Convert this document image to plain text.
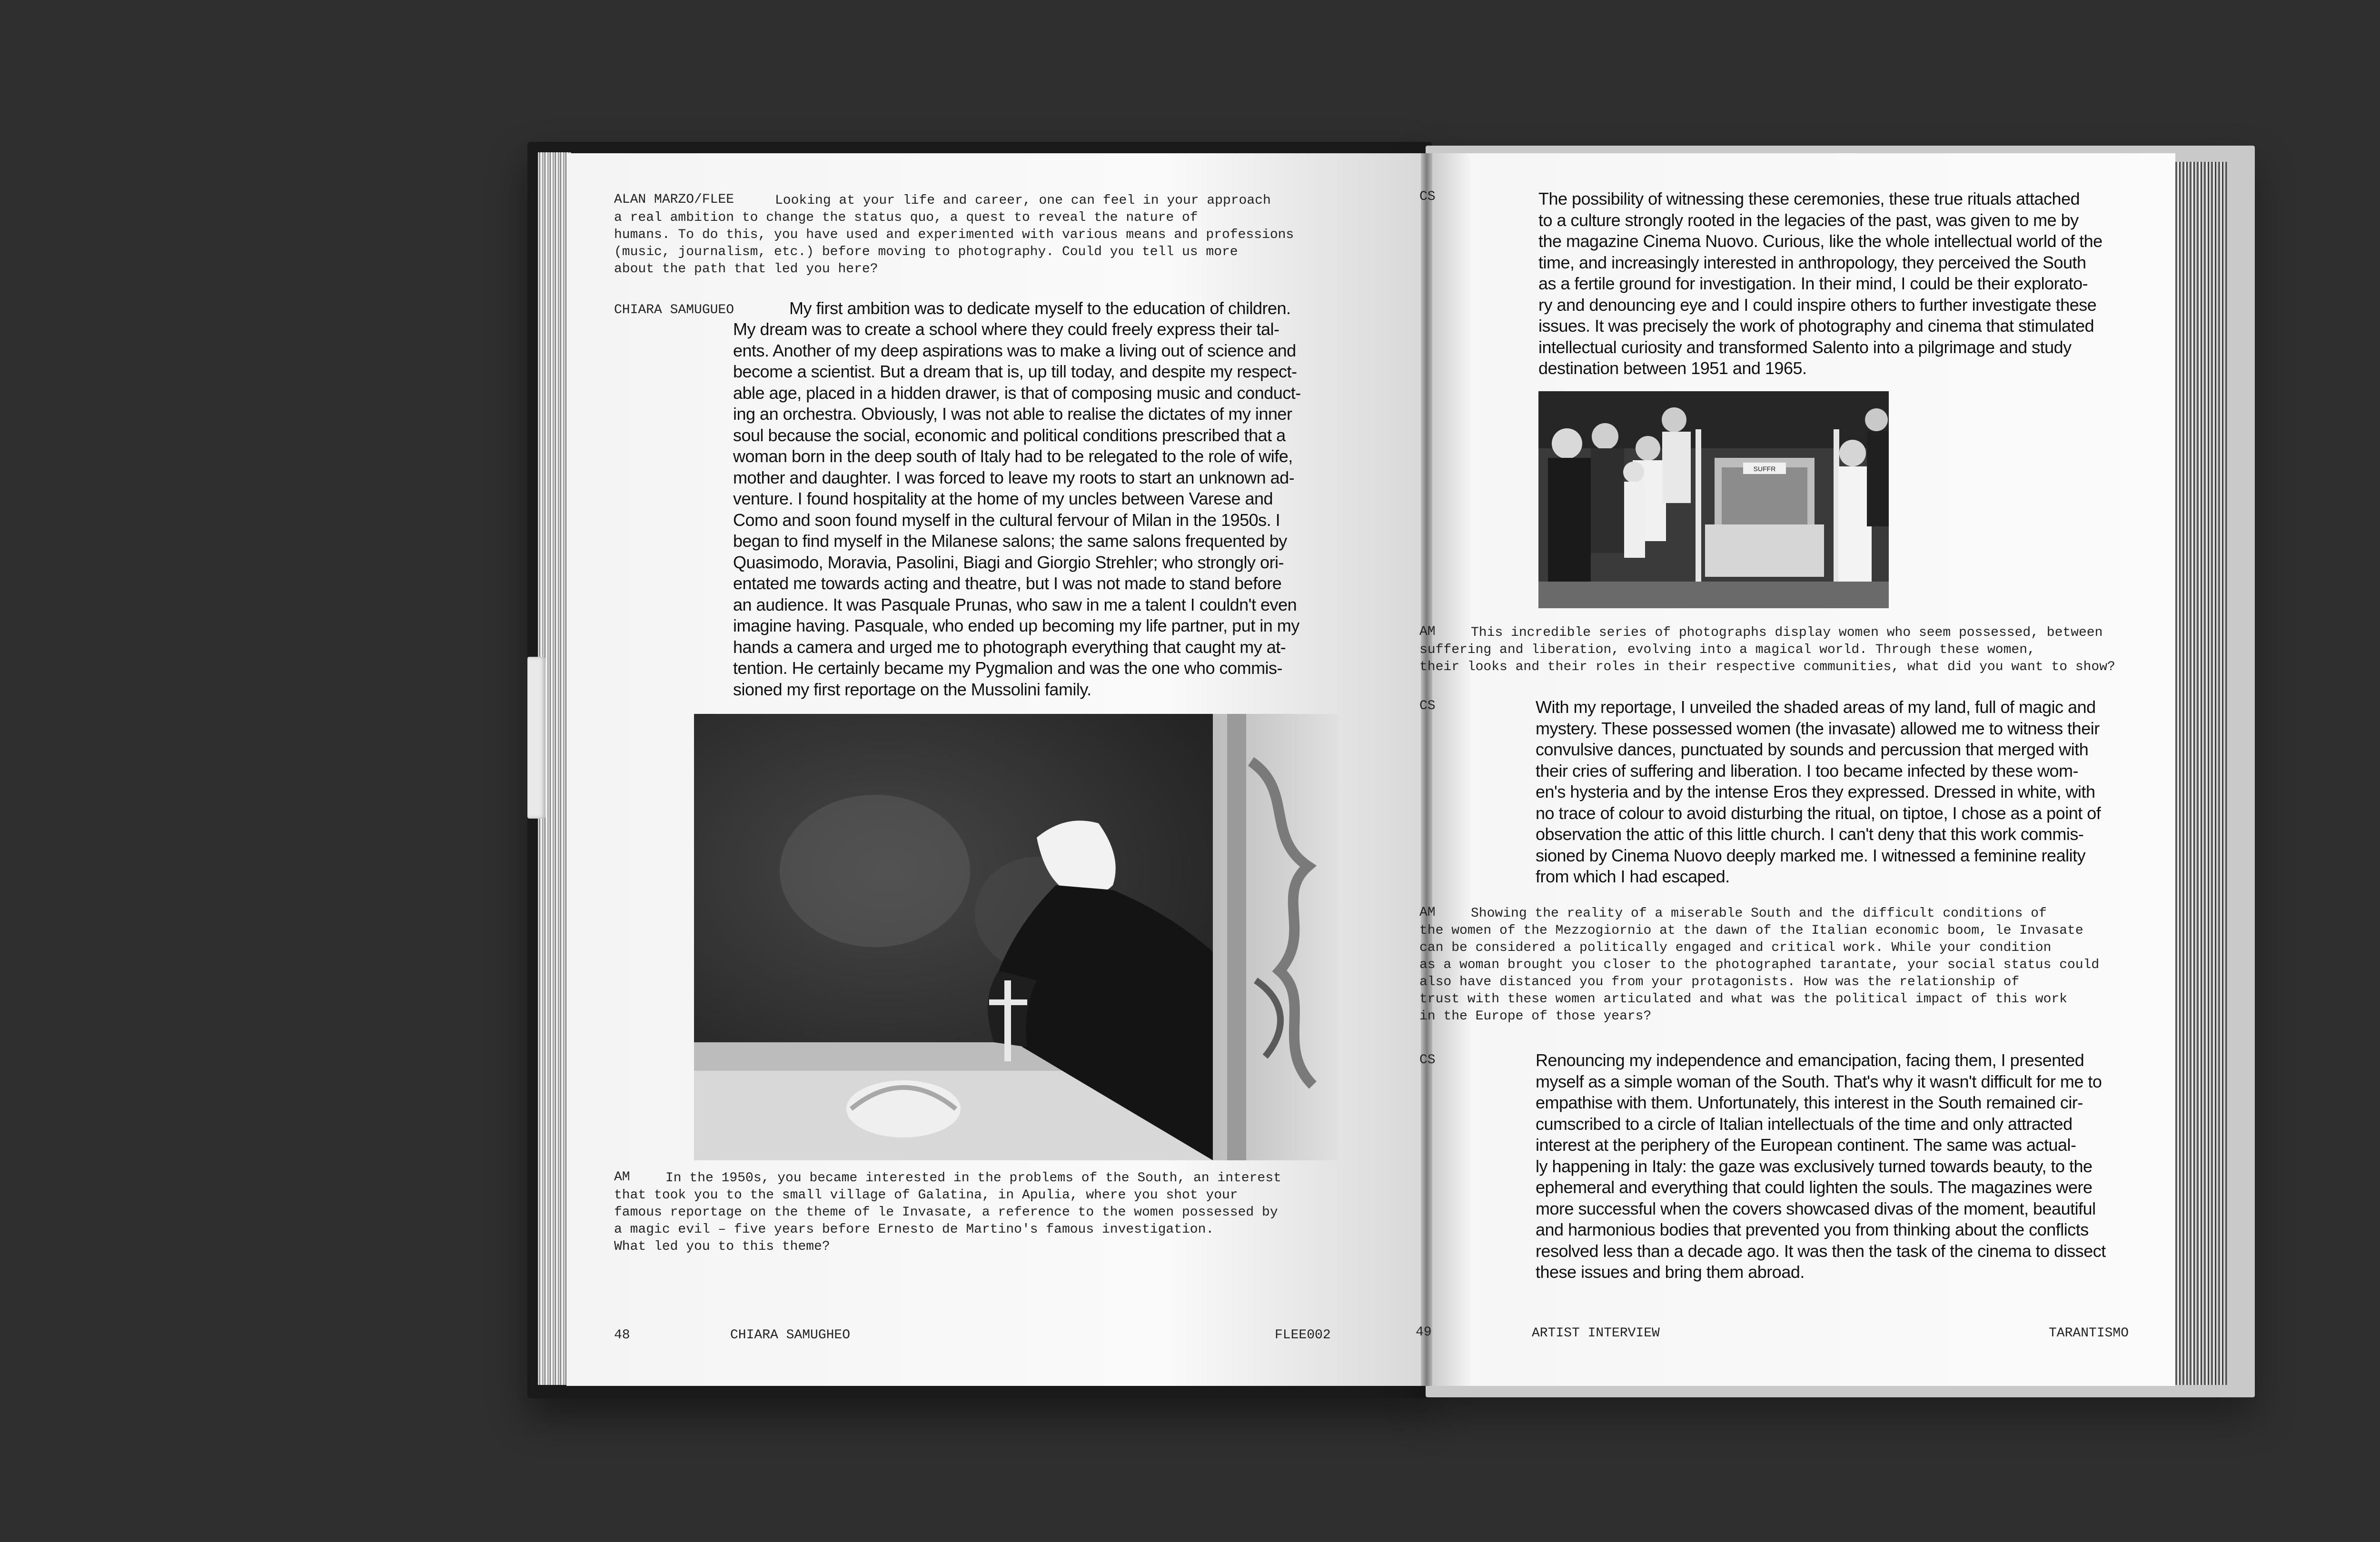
ALAN MARZO/FLEE	Looking at your life and career, one can feel in your approach
a real ambition to change the status quo, a quest to reveal the nature of
humans. To do this, you have used and experimented with various means and professions
(music, journalism, etc.) before moving to photography. Could you tell us more
about the path that led you here?

CHIARA SAMUGUEO	My first ambition was to dedicate myself to the education of children.

My dream was to create a school where they could freely express their tal-
ents. Another of my deep aspirations was to make a living out of science and
become a scientist. But a dream that is, up till today, and despite my respect-
able age, placed in a hidden drawer, is that of composing music and conduct-
ing an orchestra. Obviously, I was not able to realise the dictates of my inner
soul because the social, economic and political conditions prescribed that a
woman born in the deep south of Italy had to be relegated to the role of wife,
mother and daughter. I was forced to leave my roots to start an unknown ad-
venture. I found hospitality at the home of my uncles between Varese and
Como and soon found myself in the cultural fervour of Milan in the 1950s. I
began to find myself in the Milanese salons; the same salons frequented by
Quasimodo, Moravia, Pasolini, Biagi and Giorgio Strehler; who strongly ori-
entated me towards acting and theatre, but I was not made to stand before
an audience. It was Pasquale Prunas, who saw in me a talent I couldn't even
imagine having. Pasquale, who ended up becoming my life partner, put in my
hands a camera and urged me to photograph everything that caught my at-
tention. He certainly became my Pygmalion and was the one who commis-
sioned my first reportage on the Mussolini family.

AM	In the 1950s, you became interested in the problems of the South, an interest
that took you to the small village of Galatina, in Apulia, where you shot your
famous reportage on the theme of le Invasate, a reference to the women possessed by
a magic evil – five years before Ernesto de Martino's famous investigation.
What led you to this theme?

48	CHIARA SAMUGHEO	FLEE002
CS	The possibility of witnessing these ceremonies, these true rituals attached
to a culture strongly rooted in the legacies of the past, was given to me by
the magazine Cinema Nuovo. Curious, like the whole intellectual world of the
time, and increasingly interested in anthropology, they perceived the South
as a fertile ground for investigation. In their mind, I could be their explorato-
ry and denouncing eye and I could inspire others to further investigate these
issues. It was precisely the work of photography and cinema that stimulated
intellectual curiosity and transformed Salento into a pilgrimage and study
destination between 1951 and 1965.

SUFFR
AM	This incredible series of photographs display women who seem possessed, between
suffering and liberation, evolving into a magical world. Through these women,
their looks and their roles in their respective communities, what did you want to show?

CS	With my reportage, I unveiled the shaded areas of my land, full of magic and
mystery. These possessed women (the invasate) allowed me to witness their
convulsive dances, punctuated by sounds and percussion that merged with
their cries of suffering and liberation. I too became infected by these wom-
en's hysteria and by the intense Eros they expressed. Dressed in white, with
no trace of colour to avoid disturbing the ritual, on tiptoe, I chose as a point of
observation the attic of this little church. I can't deny that this work commis-
sioned by Cinema Nuovo deeply marked me. I witnessed a feminine reality
from which I had escaped.

AM	Showing the reality of a miserable South and the difficult conditions of
the women of the Mezzogiornio at the dawn of the Italian economic boom, le Invasate
can be considered a politically engaged and critical work. While your condition
as a woman brought you closer to the photographed tarantate, your social status could
also have distanced you from your protagonists. How was the relationship of
trust with these women articulated and what was the political impact of this work
in the Europe of those years?

CS	Renouncing my independence and emancipation, facing them, I presented
myself as a simple woman of the South. That's why it wasn't difficult for me to
empathise with them. Unfortunately, this interest in the South remained cir-
cumscribed to a circle of Italian intellectuals of the time and only attracted
interest at the periphery of the European continent. The same was actual-
ly happening in Italy: the gaze was exclusively turned towards beauty, to the
ephemeral and everything that could lighten the souls. The magazines were
more successful when the covers showcased divas of the moment, beautiful
and harmonious bodies that prevented you from thinking about the conflicts
resolved less than a decade ago. It was then the task of the cinema to dissect
these issues and bring them abroad.

49	ARTIST INTERVIEW	TARANTISMO
